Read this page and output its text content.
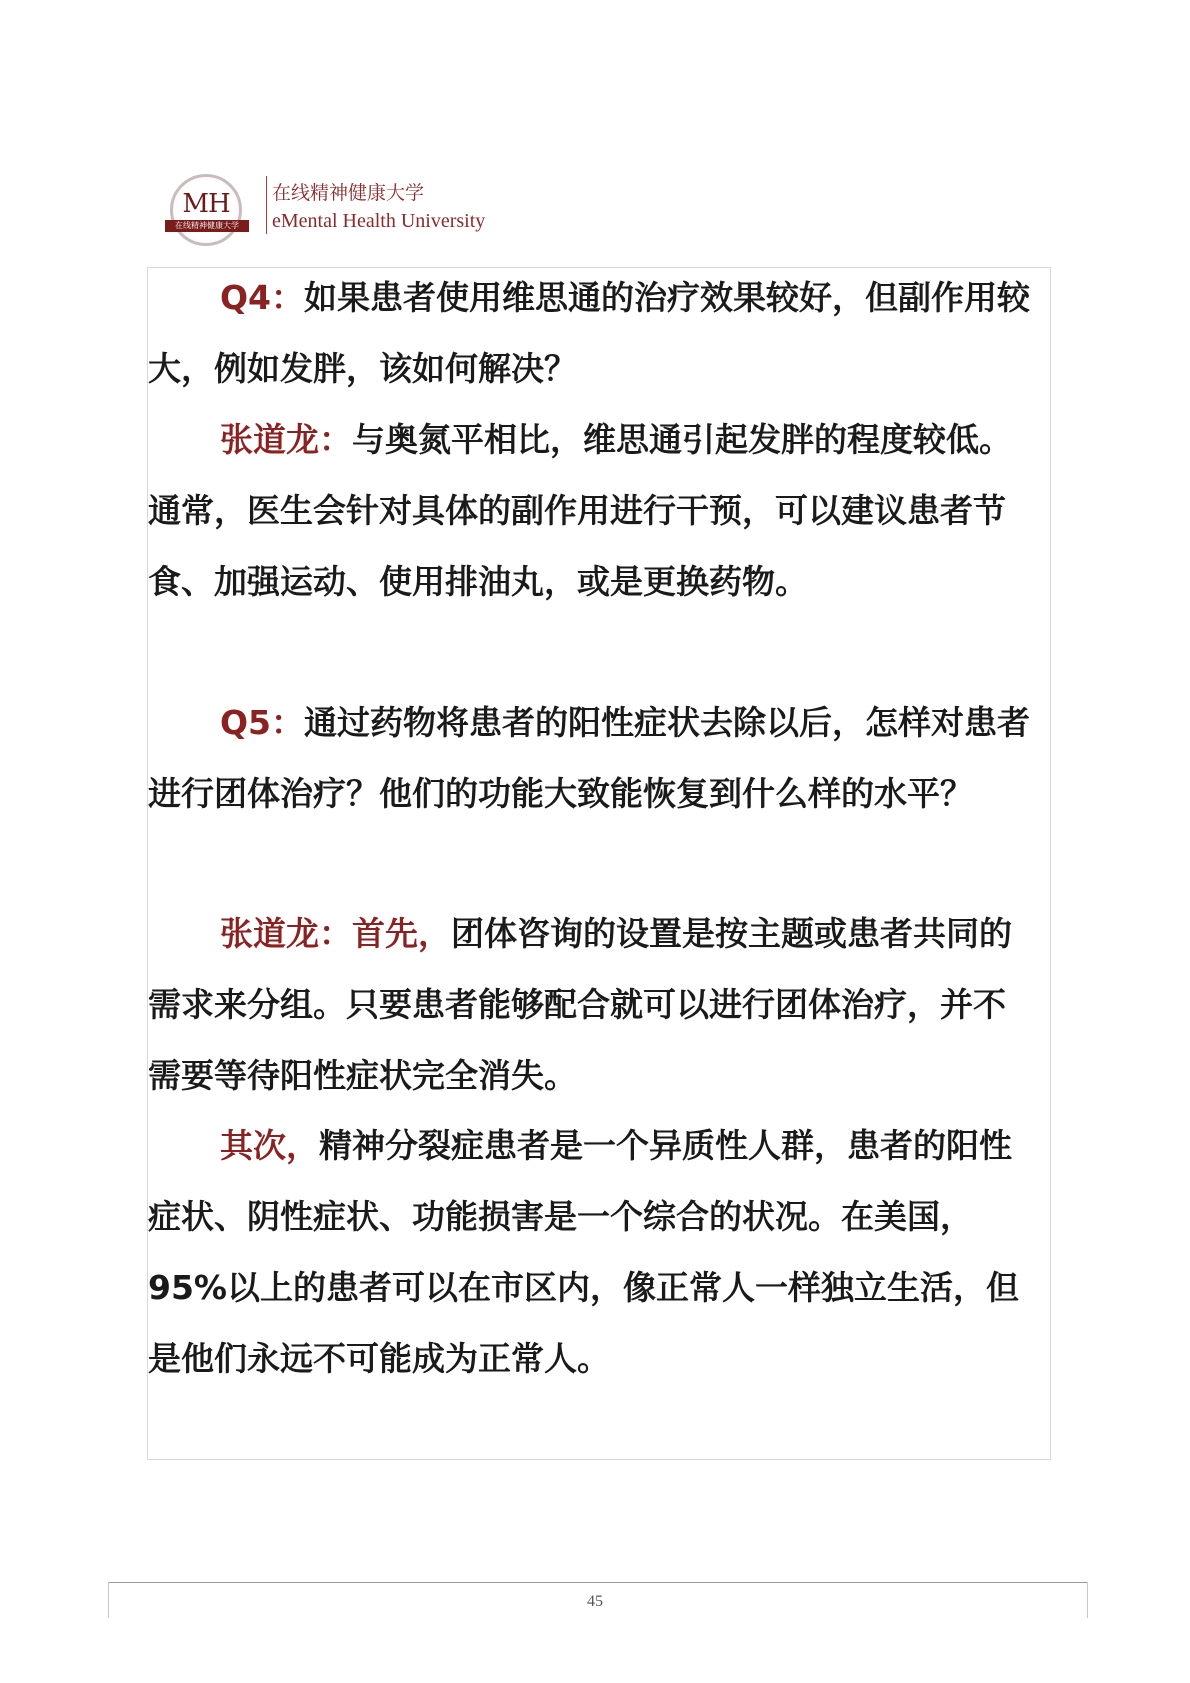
MH
在线精神健康大学
在线精神健康大学
eMental Health University

Q4：如果患者使用维思通的治疗效果较好，但副作用较大，例如发胖，该如何解决？

张道龙：与奥氮平相比，维思通引起发胖的程度较低。通常，医生会针对具体的副作用进行干预，可以建议患者节食、加强运动、使用排油丸，或是更换药物。

Q5：通过药物将患者的阳性症状去除以后，怎样对患者进行团体治疗？他们的功能大致能恢复到什么样的水平？

张道龙：首先，团体咨询的设置是按主题或患者共同的需求来分组。只要患者能够配合就可以进行团体治疗，并不需要等待阳性症状完全消失。

其次，精神分裂症患者是一个异质性人群，患者的阳性症状、阴性症状、功能损害是一个综合的状况。在美国，95%以上的患者可以在市区内，像正常人一样独立生活，但是他们永远不可能成为正常人。

45
